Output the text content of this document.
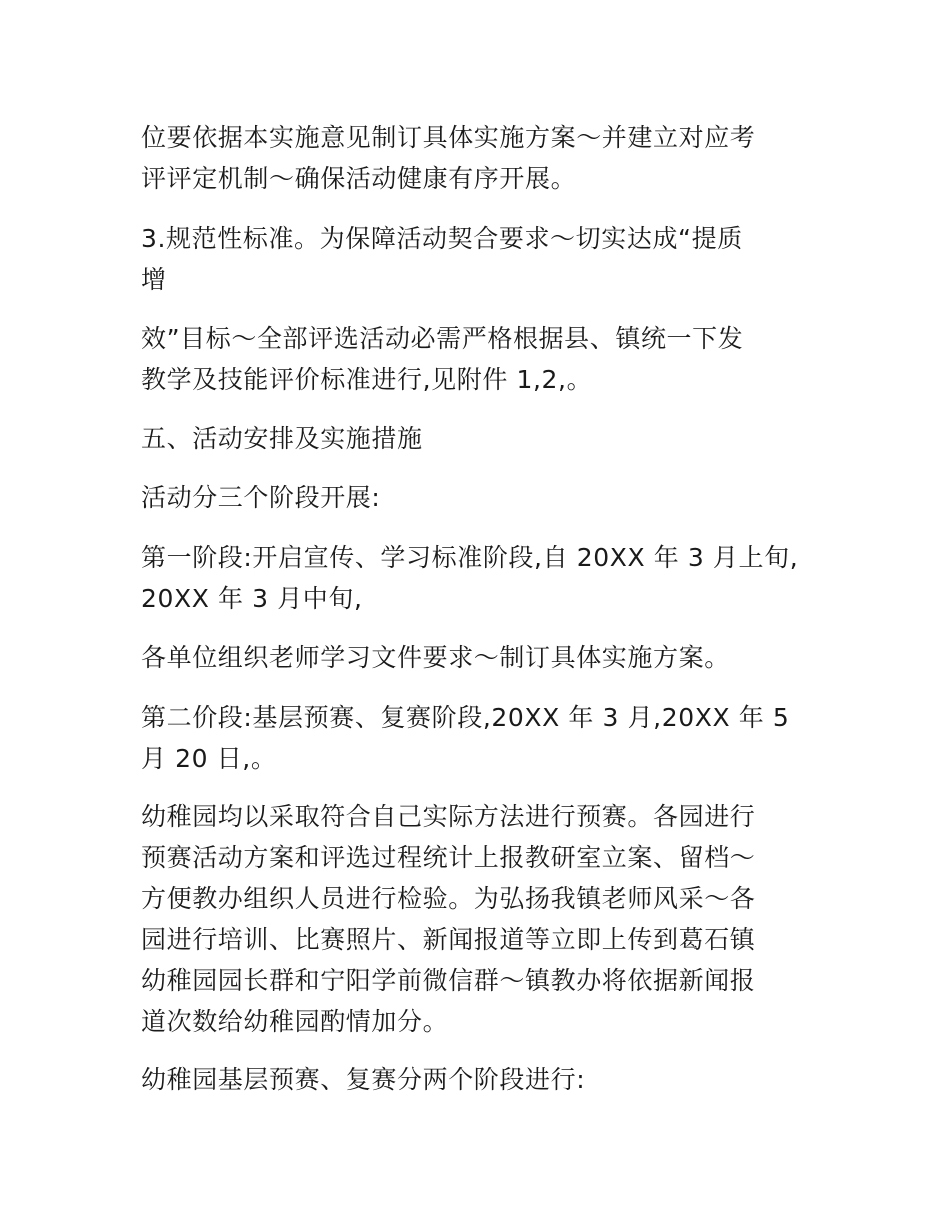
位要依据本实施意见制订具体实施方案～并建立对应考
评评定机制～确保活动健康有序开展。

3.规范性标准。为保障活动契合要求～切实达成“提质
增

效”目标～全部评选活动必需严格根据县、镇统一下发
教学及技能评价标准进行,见附件 1,2,。

五、活动安排及实施措施

活动分三个阶段开展:

第一阶段:开启宣传、学习标准阶段,自 20XX 年 3 月上旬,
20XX 年 3 月中旬,

各单位组织老师学习文件要求～制订具体实施方案。

第二价段:基层预赛、复赛阶段,20XX 年 3 月,20XX 年 5
月 20 日,。

幼稚园均以采取符合自己实际方法进行预赛。各园进行
预赛活动方案和评选过程统计上报教研室立案、留档～
方便教办组织人员进行检验。为弘扬我镇老师风采～各
园进行培训、比赛照片、新闻报道等立即上传到葛石镇
幼稚园园长群和宁阳学前微信群～镇教办将依据新闻报
道次数给幼稚园酌情加分。

幼稚园基层预赛、复赛分两个阶段进行:
